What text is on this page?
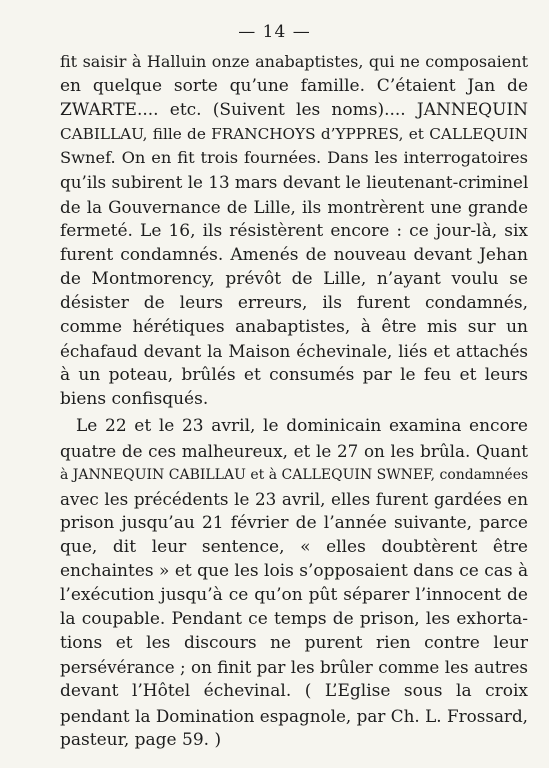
— 14 —
fit saisir à Halluin onze anabaptistes, qui ne composaient
en quelque sorte qu’une famille. C’étaient Jan de
ZWARTE.... etc. (Suivent les noms).... JANNEQUIN
CABILLAU, fille de FRANCHOYS d’YPPRES, et CALLEQUIN
Swnef. On en fit trois fournées. Dans les interrogatoires
qu’ils subirent le 13 mars devant le lieutenant-criminel
de la Gouvernance de Lille, ils montrèrent une grande
fermeté. Le 16, ils résistèrent encore : ce jour-là, six
furent condamnés. Amenés de nouveau devant Jehan
de Montmorency, prévôt de Lille, n’ayant voulu se
désister de leurs erreurs, ils furent condamnés,
comme hérétiques anabaptistes, à être mis sur un
échafaud devant la Maison échevinale, liés et attachés
à un poteau, brûlés et consumés par le feu et leurs
biens confisqués.
Le 22 et le 23 avril, le dominicain examina encore
quatre de ces malheureux, et le 27 on les brûla. Quant
à JANNEQUIN CABILLAU et à CALLEQUIN SWNEF, condamnées
avec les précédents le 23 avril, elles furent gardées en
prison jusqu’au 21 février de l’année suivante, parce
que, dit leur sentence, « elles doubtèrent être
enchaintes » et que les lois s’opposaient dans ce cas à
l’exécution jusqu’à ce qu’on pût séparer l’innocent de
la coupable. Pendant ce temps de prison, les exhorta-
tions et les discours ne purent rien contre leur
persévérance ; on finit par les brûler comme les autres
devant l’Hôtel échevinal. ( L’Eglise sous la croix
pendant la Domination espagnole, par Ch. L. Frossard,
pasteur, page 59. )
